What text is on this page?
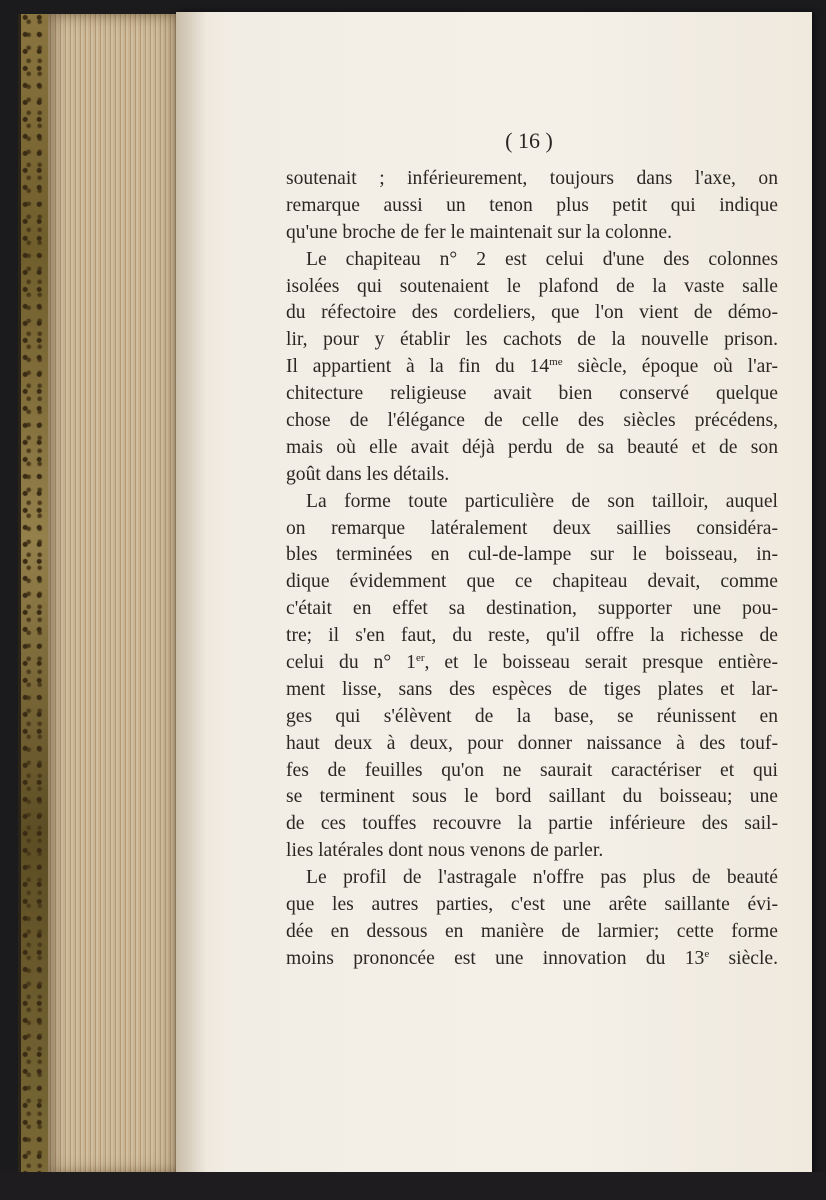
( 16 )
soutenait ; inférieurement, toujours dans l'axe, on
remarque aussi un tenon plus petit qui indique
qu'une broche de fer le maintenait sur la colonne.
Le chapiteau n° 2 est celui d'une des colonnes
isolées qui soutenaient le plafond de la vaste salle
du réfectoire des cordeliers, que l'on vient de démo-
lir, pour y établir les cachots de la nouvelle prison.
Il appartient à la fin du $14^{me}$ siècle, époque où l'ar-
chitecture religieuse avait bien conservé quelque
chose de l'élégance de celle des siècles précédens,
mais où elle avait déjà perdu de sa beauté et de son
goût dans les détails.
La forme toute particulière de son tailloir, auquel
on remarque latéralement deux saillies considéra-
bles terminées en cul-de-lampe sur le boisseau, in-
dique évidemment que ce chapiteau devait, comme
c'était en effet sa destination, supporter une pou-
tre; il s'en faut, du reste, qu'il offre la richesse de
celui du n° 1er, et le boisseau serait presque entière-
ment lisse, sans des espèces de tiges plates et lar-
ges qui s'élèvent de la base, se réunissent en
haut deux à deux, pour donner naissance à des touf-
fes de feuilles qu'on ne saurait caractériser et qui
se terminent sous le bord saillant du boisseau; une
de ces touffes recouvre la partie inférieure des sail-
lies latérales dont nous venons de parler.
Le profil de l'astragale n'offre pas plus de beauté
que les autres parties, c'est une arête saillante évi-
dée en dessous en manière de larmier; cette forme
moins prononcée est une innovation du 13e siècle.
